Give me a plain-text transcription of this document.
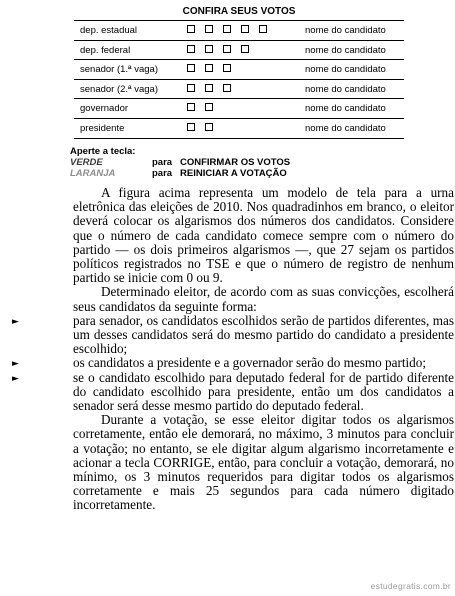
CONFIRA SEUS VOTOS
dep. estadual	nome do candidato
dep. federal	nome do candidato
senador (1.ª vaga)	nome do candidato
senador (2.ª vaga)	nome do candidato
governador	nome do candidato
presidente	nome do candidato
Aperte a tecla:
VERDE	para CONFIRMAR OS VOTOS
LARANJA	para REINICIAR A VOTAÇÃO

A figura acima representa um modelo de tela para a urna eletrônica das eleições de 2010. Nos quadradinhos em branco, o eleitor deverá colocar os algarismos dos números dos candidatos. Considere que o número de cada candidato comece sempre com o número do partido — os dois primeiros algarismos —, que 27 sejam os partidos políticos registrados no TSE e que o número de registro de nenhum partido se inicie com 0 ou 9.

Determinado eleitor, de acordo com as suas convicções, escolherá seus candidatos da seguinte forma:

►	para senador, os candidatos escolhidos serão de partidos diferentes, mas um desses candidatos será do mesmo partido do candidato a presidente escolhido;
►	os candidatos a presidente e a governador serão do mesmo partido;
►	se o candidato escolhido para deputado federal for de partido diferente do candidato escolhido para presidente, então um dos candidatos a senador será desse mesmo partido do deputado federal.

Durante a votação, se esse eleitor digitar todos os algarismos corretamente, então ele demorará, no máximo, 3 minutos para concluir a votação; no entanto, se ele digitar algum algarismo incorretamente e acionar a tecla CORRIGE, então, para concluir a votação, demorará, no mínimo, os 3 minutos requeridos para digitar todos os algarismos corretamente e mais 25 segundos para cada número digitado incorretamente.

estudegratis.com.br
